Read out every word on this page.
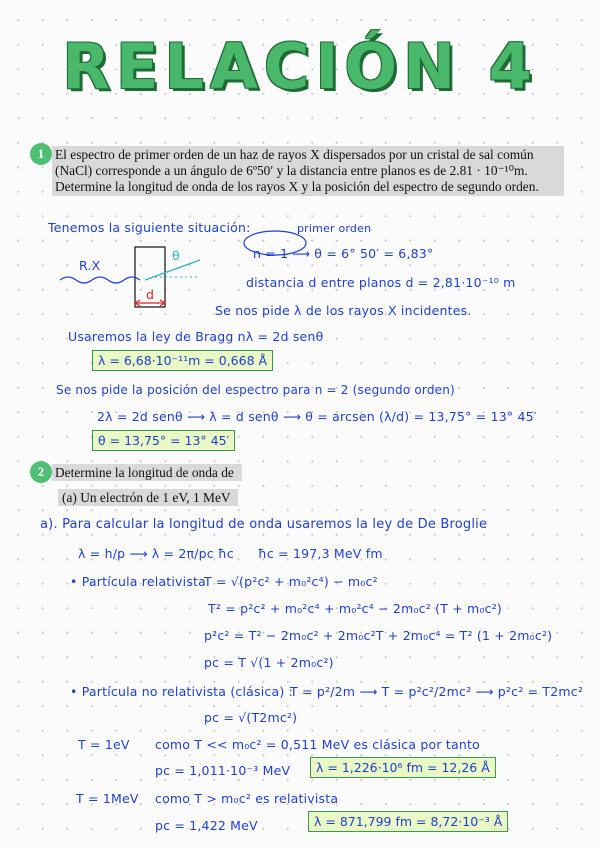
RELACIÓN 4
1 El espectro de primer orden de un haz de rayos X dispersados por un cristal de sal común
(NaCl) corresponde a un ángulo de 6º50′ y la distancia entre planos es de 2.81 · 10⁻¹⁰m.
Determine la longitud de onda de los rayos X y la posición del espectro de segundo orden.
Tenemos la siguiente situación:	primer orden
R.X
θ
d
n = 1 ⟶ θ = 6° 50′ = 6,83°
distancia d entre planos d = 2,81·10⁻¹⁰ m
Se nos pide λ de los rayos X incidentes.
Usaremos la ley de Bragg nλ = 2d senθ
λ = 6,68·10⁻¹¹m = 0,668 Å
Se nos pide la posición del espectro para n = 2 (segundo orden)
2λ = 2d senθ ⟶ λ = d senθ ⟶ θ = arcsen (λ/d) = 13,75° = 13° 45′
θ = 13,75° = 13° 45′
2 Determine la longitud de onda de
(a) Un electrón de 1 eV, 1 MeV
a). Para calcular la longitud de onda usaremos la ley de De Broglie
λ = h/p ⟶ λ = 2π/pc ħc ħc = 197,3 MeV fm
• Partícula relativista
T = √(p²c² + m₀²c⁴) − m₀c²
T² = p²c² + m₀²c⁴ + m₀²c⁴ − 2m₀c² (T + m₀c²)
p²c² = T² − 2m₀c² + 2m₀c²T + 2m₀c⁴ = T² (1 + 2m₀c²)
pc = T √(1 + 2m₀c²)
• Partícula no relativista (clásica) :
T = p²/2m ⟶ T = p²c²/2mc² ⟶ p²c² = T2mc²
pc = √(T2mc²)
T = 1eV como T << m₀c² = 0,511 MeV es clásica por tanto
pc = 1,011·10⁻³ MeV	λ = 1,226·10⁶ fm = 12,26 Å
T = 1MeV como T > m₀c² es relativista
pc = 1,422 MeV	λ = 871,799 fm = 8,72·10⁻³ Å
